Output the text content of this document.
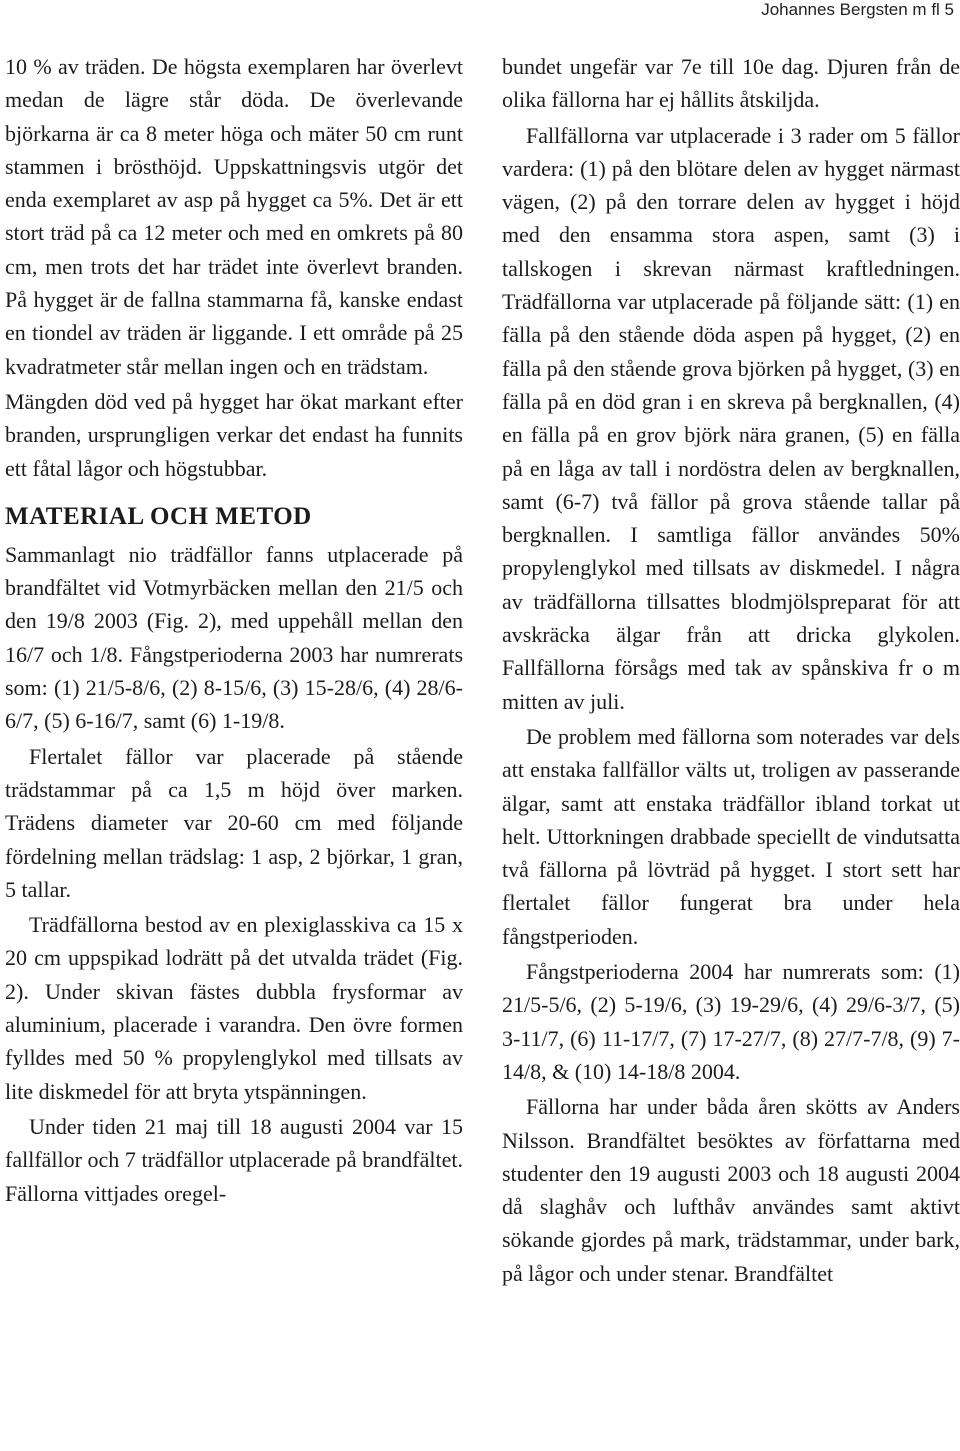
Johannes Bergsten m fl 5

10 % av träden. De högsta exemplaren har överlevt medan de lägre står döda. De överlevande björkarna är ca 8 meter höga och mäter 50 cm runt stammen i brösthöjd. Uppskattningsvis utgör det enda exemplaret av asp på hygget ca 5%. Det är ett stort träd på ca 12 meter och med en omkrets på 80 cm, men trots det har trädet inte överlevt branden. På hygget är de fallna stammarna få, kanske endast en tiondel av träden är liggande. I ett område på 25 kvadratmeter står mellan ingen och en trädstam.

Mängden död ved på hygget har ökat markant efter branden, ursprungligen verkar det endast ha funnits ett fåtal lågor och högstubbar.

MATERIAL OCH METOD

Sammanlagt nio trädfällor fanns utplacerade på brandfältet vid Votmyrbäcken mellan den 21/5 och den 19/8 2003 (Fig. 2), med uppehåll mellan den 16/7 och 1/8. Fångstperioderna 2003 har numrerats som: (1) 21/5-8/6, (2) 8-15/6, (3) 15-28/6, (4) 28/6-6/7, (5) 6-16/7, samt (6) 1-19/8.

Flertalet fällor var placerade på stående trädstammar på ca 1,5 m höjd över marken. Trädens diameter var 20-60 cm med följande fördelning mellan trädslag: 1 asp, 2 björkar, 1 gran, 5 tallar.

Trädfällorna bestod av en plexiglasskiva ca 15 x 20 cm uppspikad lodrätt på det utvalda trädet (Fig. 2). Under skivan fästes dubbla frysformar av aluminium, placerade i varandra. Den övre formen fylldes med 50 % propylenglykol med tillsats av lite diskmedel för att bryta ytspänningen.

Under tiden 21 maj till 18 augusti 2004 var 15 fallfällor och 7 trädfällor utplacerade på brandfältet. Fällorna vittjades oregel-

bundet ungefär var 7e till 10e dag. Djuren från de olika fällorna har ej hållits åtskiljda.

Fallfällorna var utplacerade i 3 rader om 5 fällor vardera: (1) på den blötare delen av hygget närmast vägen, (2) på den torrare delen av hygget i höjd med den ensamma stora aspen, samt (3) i tallskogen i skrevan närmast kraftledningen. Trädfällorna var utplacerade på följande sätt: (1) en fälla på den stående döda aspen på hygget, (2) en fälla på den stående grova björken på hygget, (3) en fälla på en död gran i en skreva på bergknallen, (4) en fälla på en grov björk nära granen, (5) en fälla på en låga av tall i nordöstra delen av bergknallen, samt (6-7) två fällor på grova stående tallar på bergknallen. I samtliga fällor användes 50% propylenglykol med tillsats av diskmedel. I några av trädfällorna tillsattes blodmjölspreparat för att avskräcka älgar från att dricka glykolen. Fallfällorna försågs med tak av spånskiva fr o m mitten av juli.

De problem med fällorna som noterades var dels att enstaka fallfällor välts ut, troligen av passerande älgar, samt att enstaka trädfällor ibland torkat ut helt. Uttorkningen drabbade speciellt de vindutsatta två fällorna på lövträd på hygget. I stort sett har flertalet fällor fungerat bra under hela fångstperioden.

Fångstperioderna 2004 har numrerats som: (1) 21/5-5/6, (2) 5-19/6, (3) 19-29/6, (4) 29/6-3/7, (5) 3-11/7, (6) 11-17/7, (7) 17-27/7, (8) 27/7-7/8, (9) 7-14/8, & (10) 14-18/8 2004.

Fällorna har under båda åren skötts av Anders Nilsson. Brandfältet besöktes av författarna med studenter den 19 augusti 2003 och 18 augusti 2004 då slaghåv och lufthåv användes samt aktivt sökande gjordes på mark, trädstammar, under bark, på lågor och under stenar. Brandfältet
